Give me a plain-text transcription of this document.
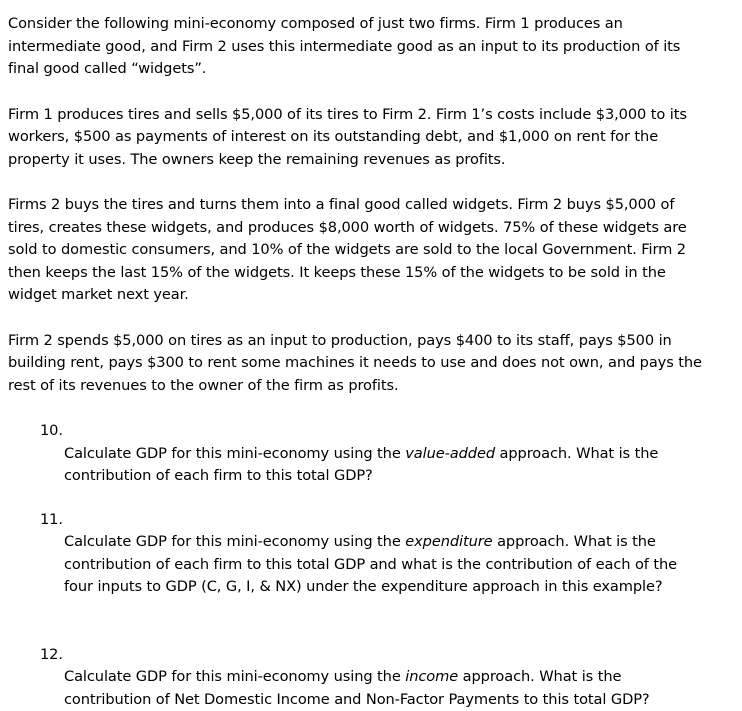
Consider the following mini-economy composed of just two firms. Firm 1 produces an
intermediate good, and Firm 2 uses this intermediate good as an input to its production of its
final good called “widgets”.

Firm 1 produces tires and sells $5,000 of its tires to Firm 2. Firm 1’s costs include $3,000 to its
workers, $500 as payments of interest on its outstanding debt, and $1,000 on rent for the
property it uses. The owners keep the remaining revenues as profits.

Firms 2 buys the tires and turns them into a final good called widgets. Firm 2 buys $5,000 of
tires, creates these widgets, and produces $8,000 worth of widgets. 75% of these widgets are
sold to domestic consumers, and 10% of the widgets are sold to the local Government. Firm 2
then keeps the last 15% of the widgets. It keeps these 15% of the widgets to be sold in the
widget market next year.

Firm 2 spends $5,000 on tires as an input to production, pays $400 to its staff, pays $500 in
building rent, pays $300 to rent some machines it needs to use and does not own, and pays the
rest of its revenues to the owner of the firm as profits.

10.
Calculate GDP for this mini-economy using the value-added approach. What is the
contribution of each firm to this total GDP?

11.
Calculate GDP for this mini-economy using the expenditure approach. What is the
contribution of each firm to this total GDP and what is the contribution of each of the
four inputs to GDP (C, G, I, & NX) under the expenditure approach in this example?

12.
Calculate GDP for this mini-economy using the income approach. What is the
contribution of Net Domestic Income and Non-Factor Payments to this total GDP?
